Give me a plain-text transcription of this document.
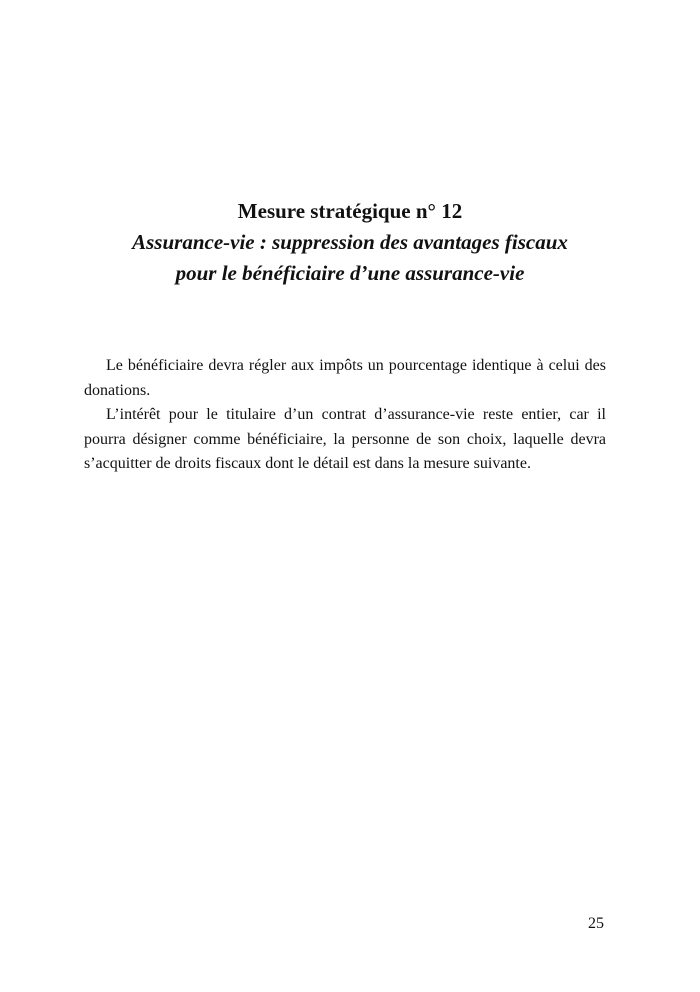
Mesure stratégique n° 12

Assurance-vie : suppression des avantages fiscaux

pour le bénéficiaire d’une assurance-vie

Le bénéficiaire devra régler aux impôts un pourcentage identique à celui des donations.

L’intérêt pour le titulaire d’un contrat d’assurance-vie reste entier, car il pourra désigner comme bénéficiaire, la personne de son choix, laquelle devra s’acquitter de droits fiscaux dont le détail est dans la mesure suivante.

25
